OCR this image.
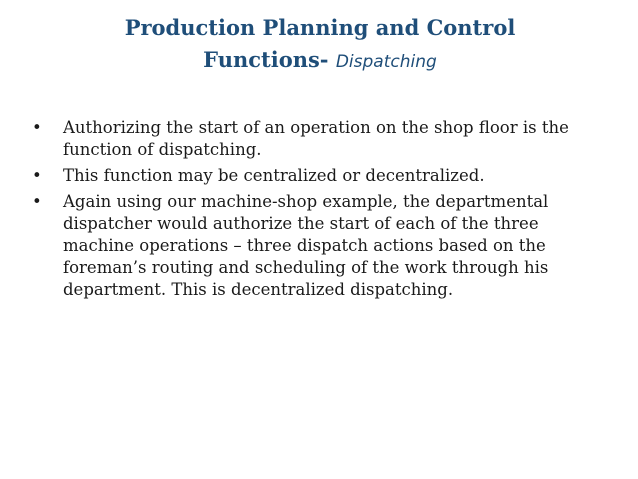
Production Planning and Control
Functions- Dispatching
• Authorizing the start of an operation on the shop floor is the function of dispatching.
• This function may be centralized or decentralized.
• Again using our machine-shop example, the departmental dispatcher would authorize the start of each of the three machine operations – three dispatch actions based on the foreman’s routing and scheduling of the work through his department. This is decentralized dispatching.
